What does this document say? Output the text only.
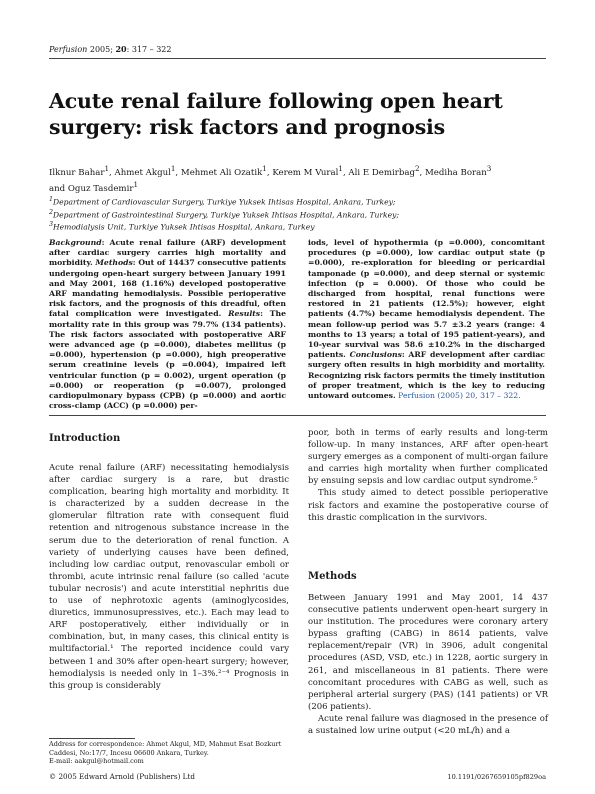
Perfusion 2005; 20: 317 – 322
Acute renal failure following open heart surgery: risk factors and prognosis
Ilknur Bahar$^1$, Ahmet Akgul$^1$, Mehmet Ali Ozatik$^1$, Kerem M Vural$^1$, Ali E Demirbag$^2$, Mediha Boran$^3$
and Oguz Tasdemir$^1$
$^1$Department of Cardiovascular Surgery, Turkiye Yuksek Ihtisas Hospital, Ankara, Turkey;
$^2$Department of Gastrointestinal Surgery, Turkiye Yuksek Ihtisas Hospital, Ankara, Turkey;
$^3$Hemodialysis Unit, Turkiye Yuksek Ihtisas Hospital, Ankara, Turkey

Background: Acute renal failure (ARF) development after cardiac surgery carries high mortality and morbidity. Methods: Out of 14437 consecutive patients undergoing open-heart surgery between January 1991 and May 2001, 168 (1.16%) developed postoperative ARF mandating hemodialysis. Possible perioperative risk factors, and the prognosis of this dreadful, often fatal complication were investigated. Results: The mortality rate in this group was 79.7% (134 patients). The risk factors associated with postoperative ARF were advanced age (p =0.000), diabetes mellitus (p =0.000), hypertension (p =0.000), high preoperative serum creatinine levels (p =0.004), impaired left ventricular function (p = 0.002), urgent operation (p =0.000) or reoperation (p =0.007), prolonged cardiopulmonary bypass (CPB) (p =0.000) and aortic cross-clamp (ACC) (p =0.000) per-

iods, level of hypothermia (p =0.000), concomitant procedures (p =0.000), low cardiac output state (p =0.000), re-exploration for bleeding or pericardial tamponade (p =0.000), and deep sternal or systemic infection (p = 0.000). Of those who could be discharged from hospital, renal functions were restored in 21 patients (12.5%); however, eight patients (4.7%) became hemodialysis dependent. The mean follow-up period was 5.7 ±3.2 years (range: 4 months to 13 years; a total of 195 patient-years), and 10-year survival was 58.6 ±10.2% in the discharged patients. Conclusions: ARF development after cardiac surgery often results in high morbidity and mortality. Recognizing risk factors permits the timely institution of proper treatment, which is the key to reducing untoward outcomes. Perfusion (2005) 20, 317 – 322.

Introduction

Acute renal failure (ARF) necessitating hemodialysis after cardiac surgery is a rare, but drastic complication, bearing high mortality and morbidity. It is characterized by a sudden decrease in the glomerular filtration rate with consequent fluid retention and nitrogenous substance increase in the serum due to the deterioration of renal function. A variety of underlying causes have been defined, including low cardiac output, renovascular emboli or thrombi, acute intrinsic renal failure (so called 'acute tubular necrosis') and acute interstitial nephritis due to use of nephrotoxic agents (aminoglycosides, diuretics, immunosupressives, etc.). Each may lead to ARF postoperatively, either individually or in combination, but, in many cases, this clinical entity is multifactorial.¹ The reported incidence could vary between 1 and 30% after open-heart surgery; however, hemodialysis is needed only in 1–3%.²⁻⁴ Prognosis in this group is considerably

poor, both in terms of early results and long-term follow-up. In many instances, ARF after open-heart surgery emerges as a component of multi-organ failure and carries high mortality when further complicated by ensuing sepsis and low cardiac output syndrome.⁵

This study aimed to detect possible perioperative risk factors and examine the postoperative course of this drastic complication in the survivors.

Methods

Between January 1991 and May 2001, 14 437 consecutive patients underwent open-heart surgery in our institution. The procedures were coronary artery bypass grafting (CABG) in 8614 patients, valve replacement/repair (VR) in 3906, adult congenital procedures (ASD, VSD, etc.) in 1228, aortic surgery in 261, and miscellaneous in 81 patients. There were concomitant procedures with CABG as well, such as peripheral arterial surgery (PAS) (141 patients) or VR (206 patients).

Acute renal failure was diagnosed in the presence of a sustained low urine output (<20 mL/h) and a

Address for correspondence: Ahmet Akgul, MD, Mahmut Esat Bozkurt Caddesi, No:17/7, Incesu 06600 Ankara, Turkey.
E-mail: aakgul@hotmail.com
© 2005 Edward Arnold (Publishers) Ltd	10.1191/0267659105pf829oa
